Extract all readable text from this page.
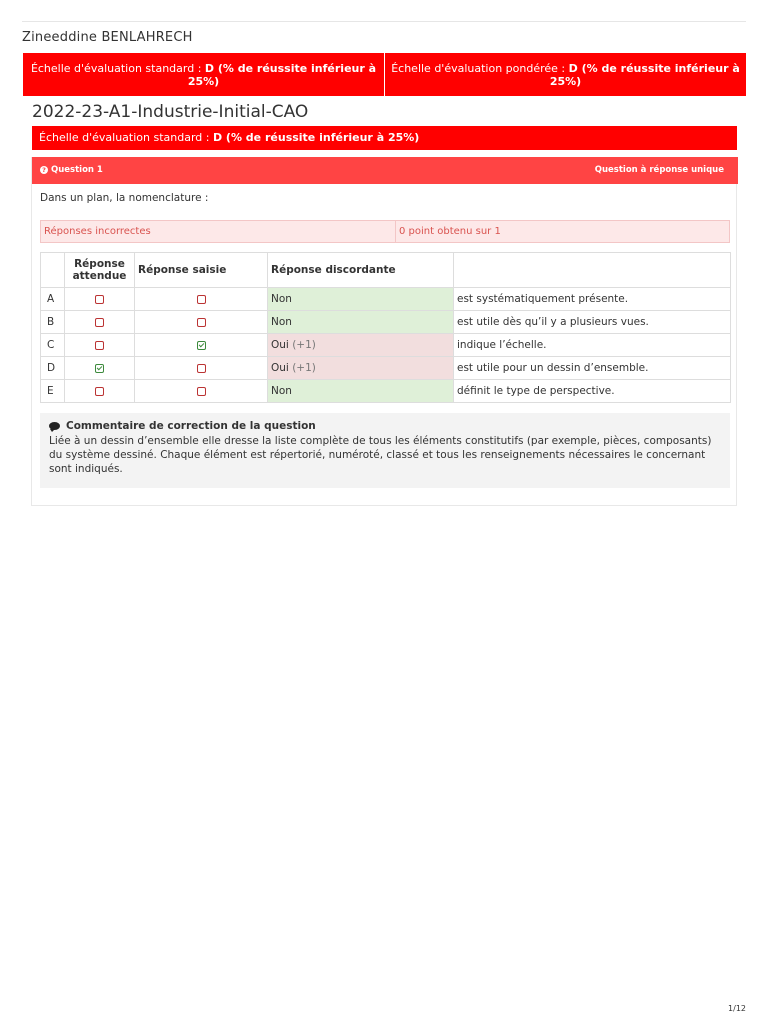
Zineeddine BENLAHRECH
Échelle d'évaluation standard : D (% de réussite inférieur à 25%)
Échelle d'évaluation pondérée : D (% de réussite inférieur à 25%)
2022-23-A1-Industrie-Initial-CAO
Échelle d'évaluation standard : D (% de réussite inférieur à 25%)
? Question 1	Question à réponse unique
Dans un plan, la nomenclature :
Réponses incorrectes	0 point obtenu sur 1
	Réponse attendue	Réponse saisie	Réponse discordante	
A			Non	est systématiquement présente.
B			Non	est utile dès qu’il y a plusieurs vues.
C			Oui (+1)	indique l’échelle.
D			Oui (+1)	est utile pour un dessin d’ensemble.
E			Non	définit le type de perspective.
Commentaire de correction de la question
Liée à un dessin d’ensemble elle dresse la liste complète de tous les éléments constitutifs (par exemple, pièces, composants) du système dessiné. Chaque élément est répertorié, numéroté, classé et tous les renseignements nécessaires le concernant sont indiqués.
1/12
